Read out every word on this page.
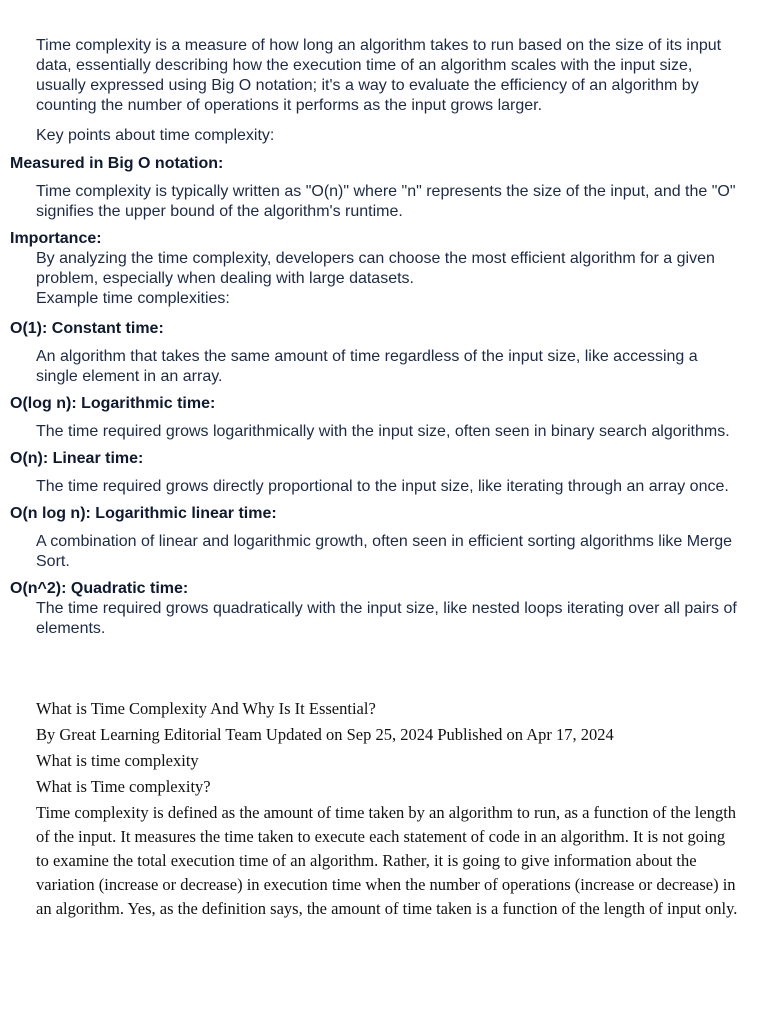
Time complexity is a measure of how long an algorithm takes to run based on the size of its input data, essentially describing how the execution time of an algorithm scales with the input size, usually expressed using Big O notation; it's a way to evaluate the efficiency of an algorithm by counting the number of operations it performs as the input grows larger.

Key points about time complexity:

Measured in Big O notation:
Time complexity is typically written as "O(n)" where "n" represents the size of the input, and the "O" signifies the upper bound of the algorithm's runtime.
Importance:
By analyzing the time complexity, developers can choose the most efficient algorithm for a given problem, especially when dealing with large datasets.
Example time complexities:
O(1): Constant time:
An algorithm that takes the same amount of time regardless of the input size, like accessing a single element in an array.
O(log n): Logarithmic time:
The time required grows logarithmically with the input size, often seen in binary search algorithms.
O(n): Linear time:
The time required grows directly proportional to the input size, like iterating through an array once.
O(n log n): Logarithmic linear time:
A combination of linear and logarithmic growth, often seen in efficient sorting algorithms like Merge Sort.
O(n^2): Quadratic time:
The time required grows quadratically with the input size, like nested loops iterating over all pairs of elements.

What is Time Complexity And Why Is It Essential?

By Great Learning Editorial Team Updated on Sep 25, 2024 Published on Apr 17, 2024

What is time complexity

What is Time complexity?

Time complexity is defined as the amount of time taken by an algorithm to run, as a function of the length of the input. It measures the time taken to execute each statement of code in an algorithm. It is not going to examine the total execution time of an algorithm. Rather, it is going to give information about the variation (increase or decrease) in execution time when the number of operations (increase or decrease) in an algorithm. Yes, as the definition says, the amount of time taken is a function of the length of input only.
